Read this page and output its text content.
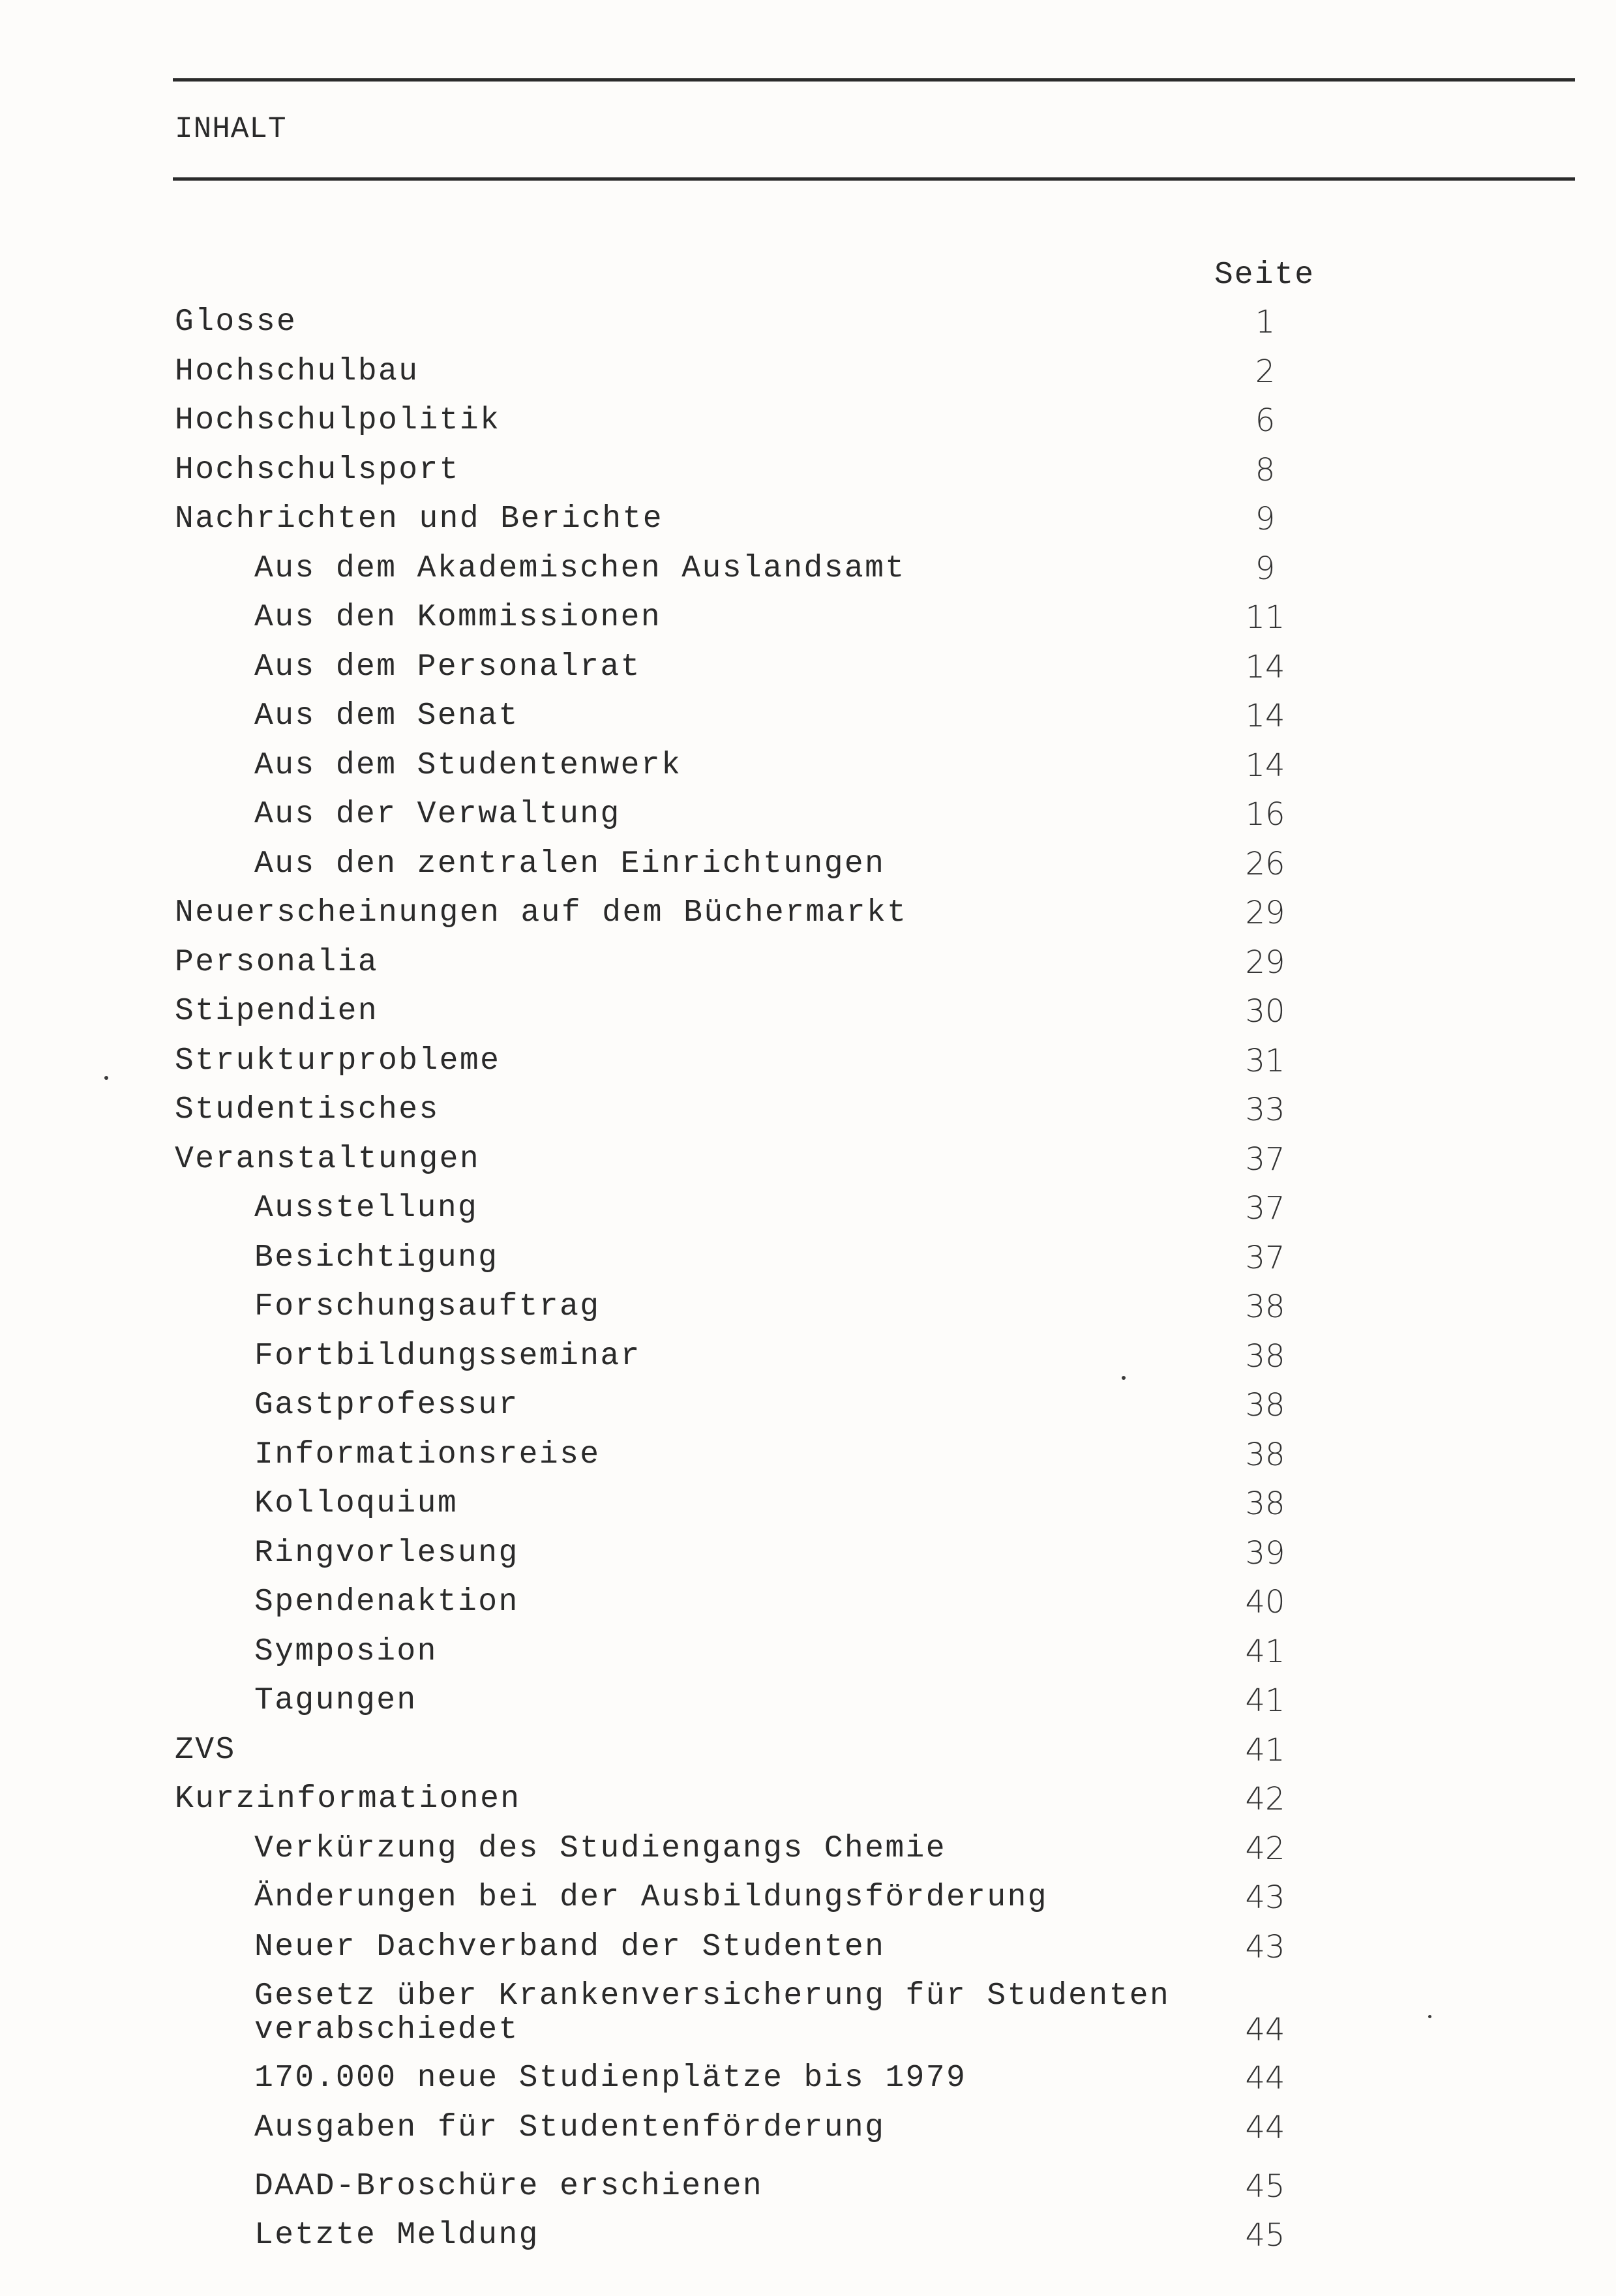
INHALT
Seite
Glosse	1
Hochschulbau	2
Hochschulpolitik	6
Hochschulsport	8
Nachrichten und Berichte	9
Aus dem Akademischen Auslandsamt	9
Aus den Kommissionen	11
Aus dem Personalrat	14
Aus dem Senat	14
Aus dem Studentenwerk	14
Aus der Verwaltung	16
Aus den zentralen Einrichtungen	26
Neuerscheinungen auf dem Büchermarkt	29
Personalia	29
Stipendien	30
Strukturprobleme	31
Studentisches	33
Veranstaltungen	37
Ausstellung	37
Besichtigung	37
Forschungsauftrag	38
Fortbildungsseminar	38
Gastprofessur	38
Informationsreise	38
Kolloquium	38
Ringvorlesung	39
Spendenaktion	40
Symposion	41
Tagungen	41
ZVS	41
Kurzinformationen	42
Verkürzung des Studiengangs Chemie	42
Änderungen bei der Ausbildungsförderung	43
Neuer Dachverband der Studenten	43
Gesetz über Krankenversicherung für Studenten verabschiedet	44
170.000 neue Studienplätze bis 1979	44
Ausgaben für Studentenförderung	44
DAAD-Broschüre erschienen	45
Letzte Meldung	45
